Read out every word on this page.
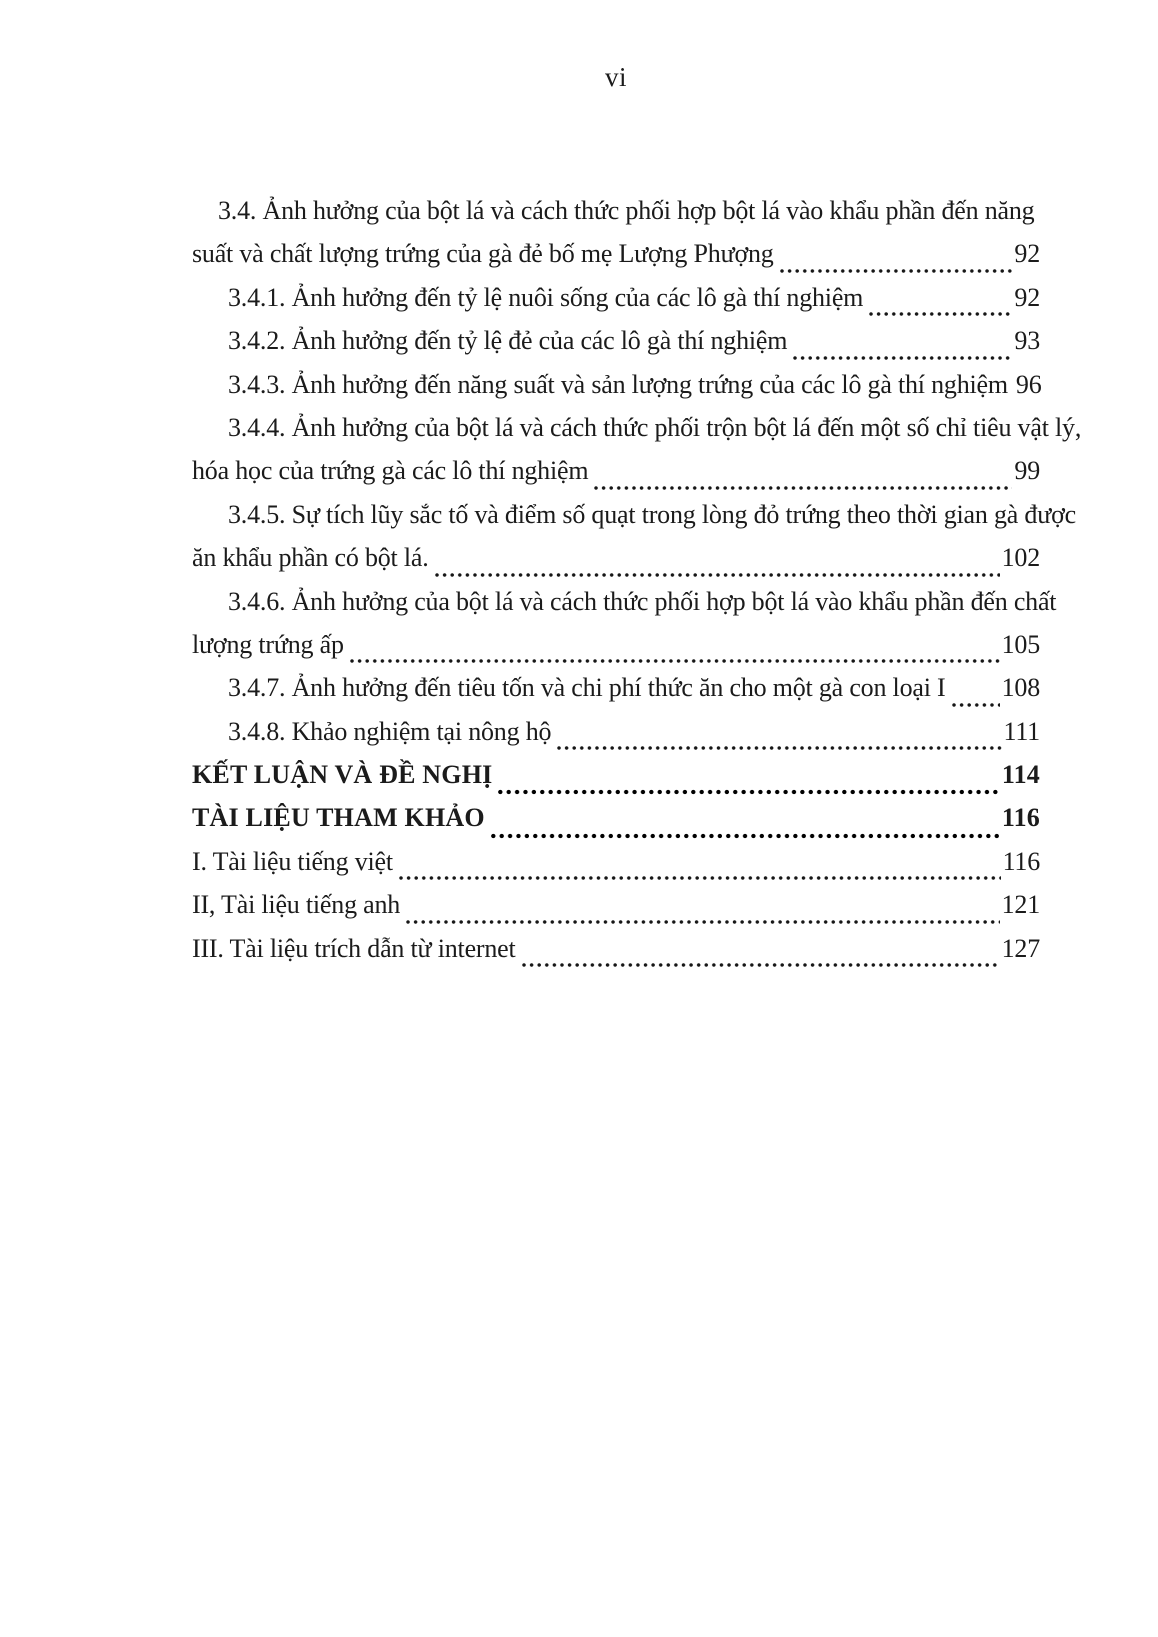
vi
3.4. Ảnh hưởng của bột lá và cách thức phối hợp bột lá vào khẩu phần đến năng
suất và chất lượng trứng của gà đẻ bố mẹ Lượng Phượng	92
3.4.1. Ảnh hưởng đến tỷ lệ nuôi sống của các lô gà thí nghiệm	92
3.4.2. Ảnh hưởng đến tỷ lệ đẻ của các lô gà thí nghiệm	93
3.4.3. Ảnh hưởng đến năng suất và sản lượng trứng của các lô gà thí nghiệm 96
3.4.4. Ảnh hưởng của bột lá và cách thức phối trộn bột lá đến một số chỉ tiêu vật lý,
hóa học của trứng gà các lô thí nghiệm	99
3.4.5. Sự tích lũy sắc tố và điểm số quạt trong lòng đỏ trứng theo thời gian gà được
ăn khẩu phần có bột lá.	102
3.4.6. Ảnh hưởng của bột lá và cách thức phối hợp bột lá vào khẩu phần đến chất
lượng trứng ấp	105
3.4.7. Ảnh hưởng đến tiêu tốn và chi phí thức ăn cho một gà con loại I 108
3.4.8. Khảo nghiệm tại nông hộ	111
KẾT LUẬN VÀ ĐỀ NGHỊ	114
TÀI LIỆU THAM KHẢO	116
I. Tài liệu tiếng việt	116
II, Tài liệu tiếng anh	121
III. Tài liệu trích dẫn từ internet	127
